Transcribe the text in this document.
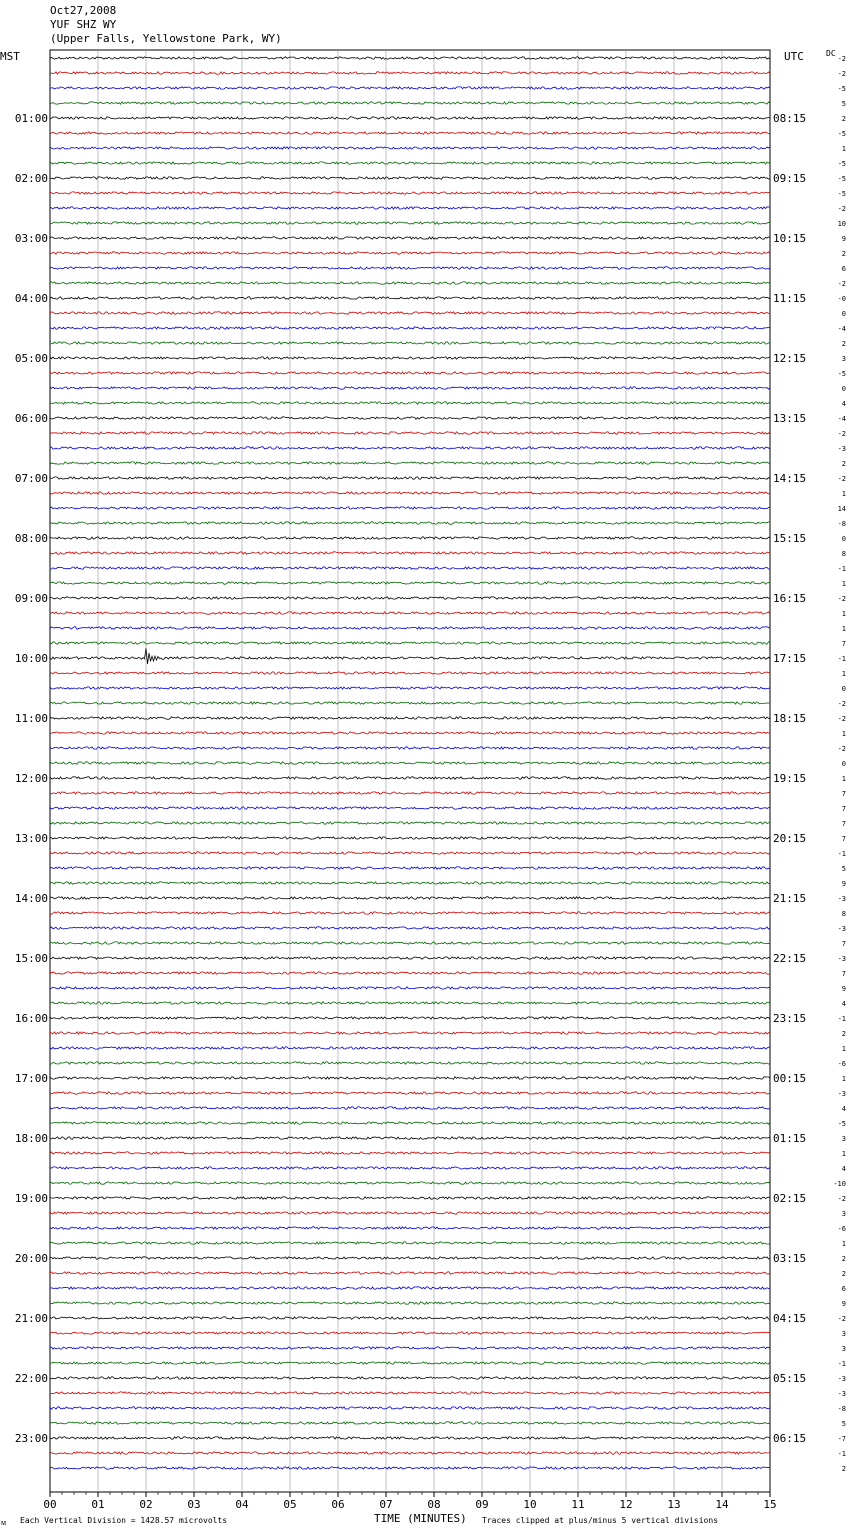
Oct27,2008
YUF SHZ WY
(Upper Falls, Yellowstone Park, WY)
MST	UTC	DC
00	01	02	03	04	05	06	07	08	09	10	11	12	13	14	15
01:00
02:00
03:00
04:00
05:00
06:00
07:00
08:00
09:00
10:00
11:00
12:00
13:00
14:00
15:00
16:00
17:00
18:00
19:00
20:00
21:00
22:00
23:00
08:15
09:15
10:15
11:15
12:15
13:15
14:15
15:15
16:15
17:15
18:15
19:15
20:15
21:15
22:15
23:15
00:15
01:15
02:15
03:15
04:15
05:15
06:15
-2
-2
-5
5
2
-5
1
-5
-5
-5
-2
10
9
2
6
-2
-0
0
-4
2
3
-5
0
4
-4
-2
-3
2
-2
1
14
-8
0
8
-1
1
-2
1
1
7
-1
1
0
-2
-2
1
-2
0
1
7
7
7
7
-1
5
9
-3
8
-3
7
-3
7
9
4
-1
2
1
-6
1
-3
4
-5
3
1
4
-10
-2
3
-6
1
2
2
6
9
-2
3
3
-1
-3
-3
-8
5
-7
-1
2
TIME (MINUTES)
Each Vertical Division = 1428.57 microvolts	Traces clipped at plus/minus 5 vertical divisions
ᴍ
